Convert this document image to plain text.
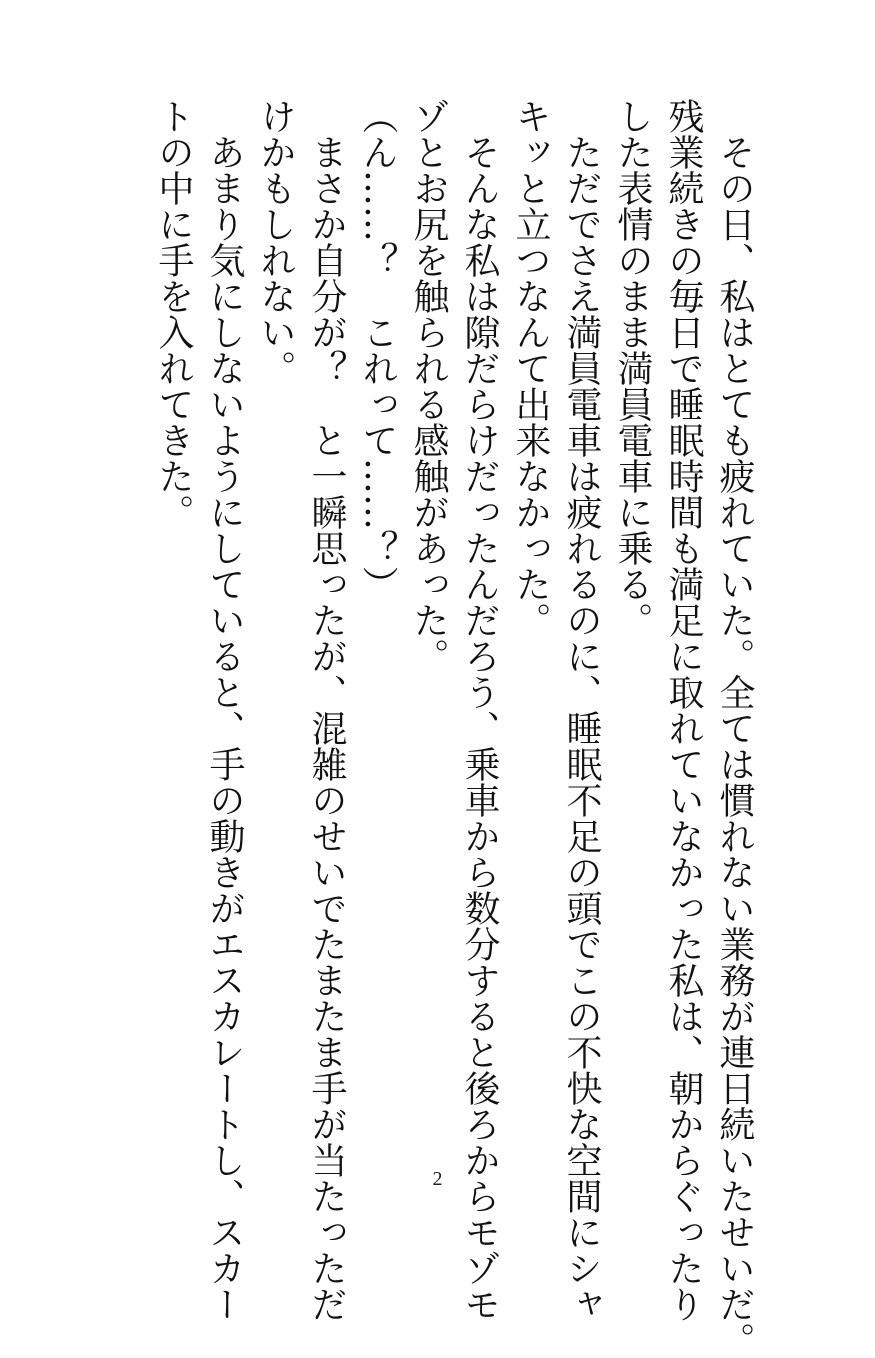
　その日、私はとても疲れていた。全ては慣れない業務が連日続いたせいだ。
残業続きの毎日で睡眠時間も満足に取れていなかった私は、朝からぐったり
した表情のまま満員電車に乗る。
　ただでさえ満員電車は疲れるのに、睡眠不足の頭でこの不快な空間にシャ
キッと立つなんて出来なかった。
　そんな私は隙だらけだったんだろう、乗車から数分すると後ろからモゾモ
ゾとお尻を触られる感触があった。
（ん……？　これって……？）
　まさか自分が？　と一瞬思ったが、混雑のせいでたまたま手が当たっただ
けかもしれない。
　あまり気にしないようにしていると、手の動きがエスカレートし、スカー
トの中に手を入れてきた。
2
